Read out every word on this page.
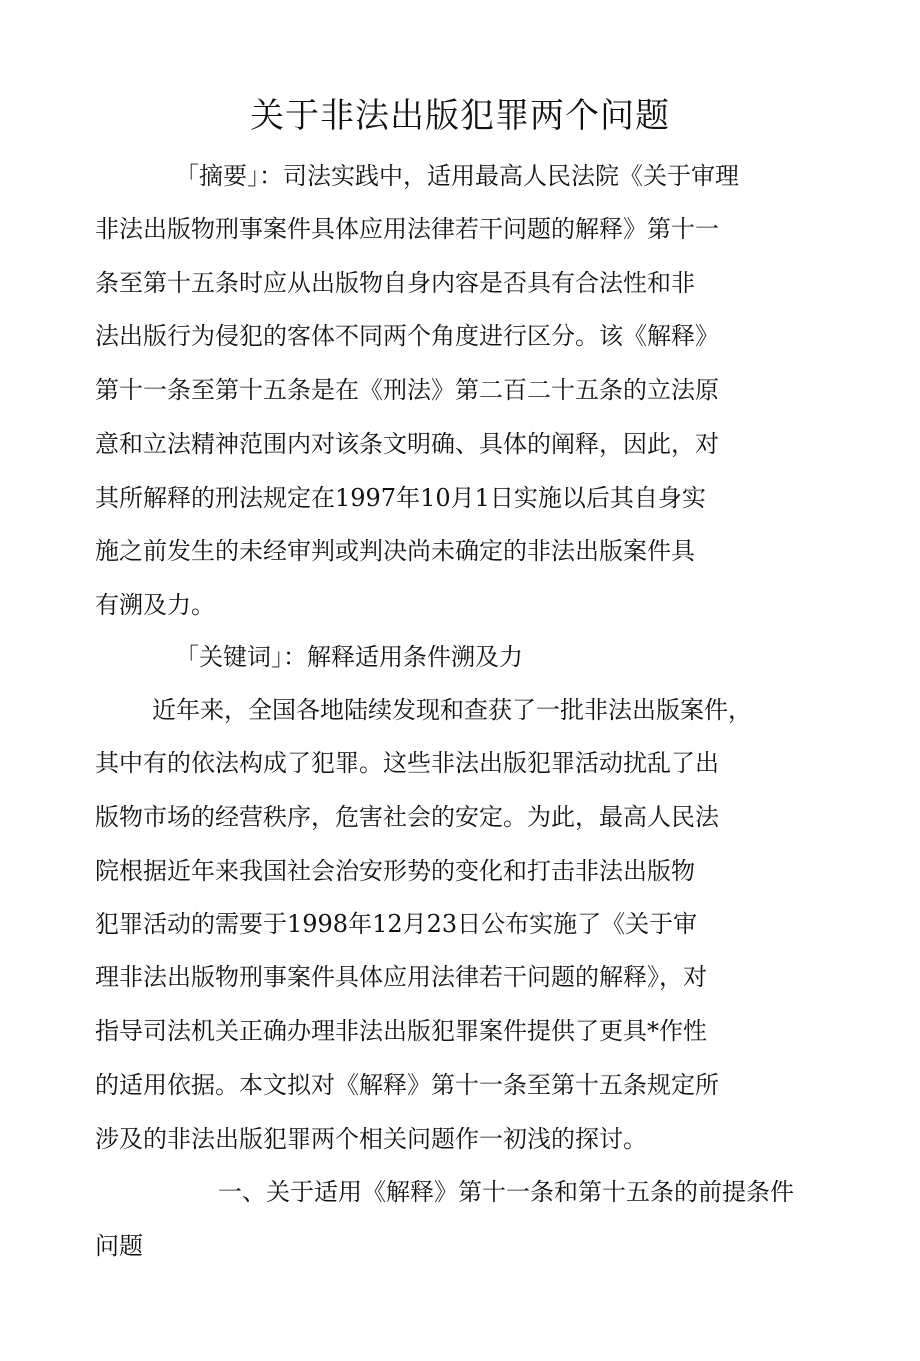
关于非法出版犯罪两个问题

「摘要」：司法实践中，适用最高人民法院《关于审理

非法出版物刑事案件具体应用法律若干问题的解释》第十一

条至第十五条时应从出版物自身内容是否具有合法性和非

法出版行为侵犯的客体不同两个角度进行区分。该《解释》

第十一条至第十五条是在《刑法》第二百二十五条的立法原

意和立法精神范围内对该条文明确、具体的阐释，因此，对

其所解释的刑法规定在1997年10月1日实施以后其自身实

施之前发生的未经审判或判决尚未确定的非法出版案件具

有溯及力。

「关键词」：解释适用条件溯及力

近年来，全国各地陆续发现和查获了一批非法出版案件，

其中有的依法构成了犯罪。这些非法出版犯罪活动扰乱了出

版物市场的经营秩序，危害社会的安定。为此，最高人民法

院根据近年来我国社会治安形势的变化和打击非法出版物

犯罪活动的需要于1998年12月23日公布实施了《关于审

理非法出版物刑事案件具体应用法律若干问题的解释》，对

指导司法机关正确办理非法出版犯罪案件提供了更具*作性

的适用依据。本文拟对《解释》第十一条至第十五条规定所

涉及的非法出版犯罪两个相关问题作一初浅的探讨。

一、关于适用《解释》第十一条和第十五条的前提条件

问题
